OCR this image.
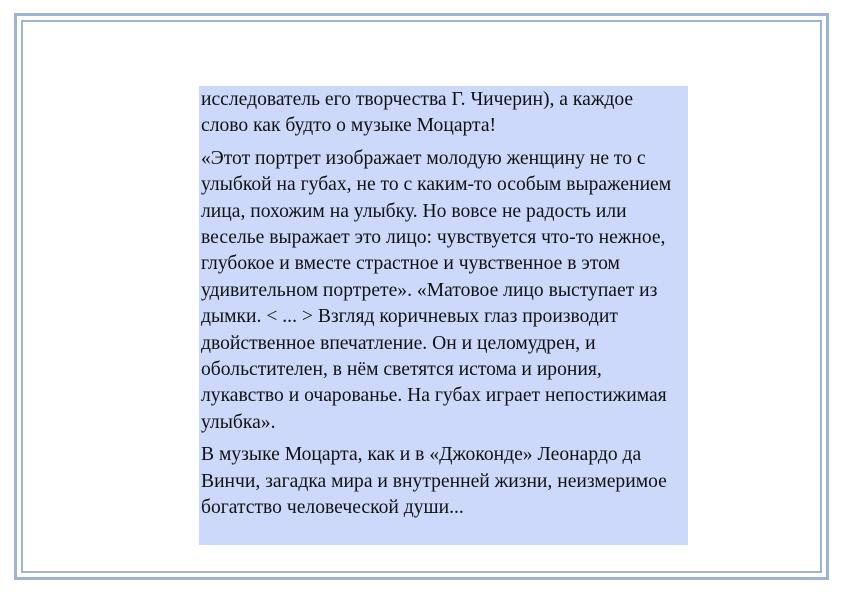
исследователь его творчества Г. Чичерин), а каждое слово как будто о музыке Моцарта!

«Этот портрет изображает молодую женщину не то с улыбкой на губах, не то с каким-то особым выражением лица, похожим на улыбку. Но вовсе не радость или веселье выражает это лицо: чувствуется что-то нежное, глубокое и вместе страстное и чувственное в этом удивительном портрете». «Матовое лицо выступает из дымки. < ... > Взгляд коричневых глаз производит двойственное впечатление. Он и целомудрен, и обольстителен, в нём светятся истома и ирония, лукавство и очарованье. На губах играет непостижимая улыбка».

В музыке Моцарта, как и в «Джоконде» Леонардо да Винчи, загадка мира и внутренней жизни, неизмеримое богатство человеческой души...
